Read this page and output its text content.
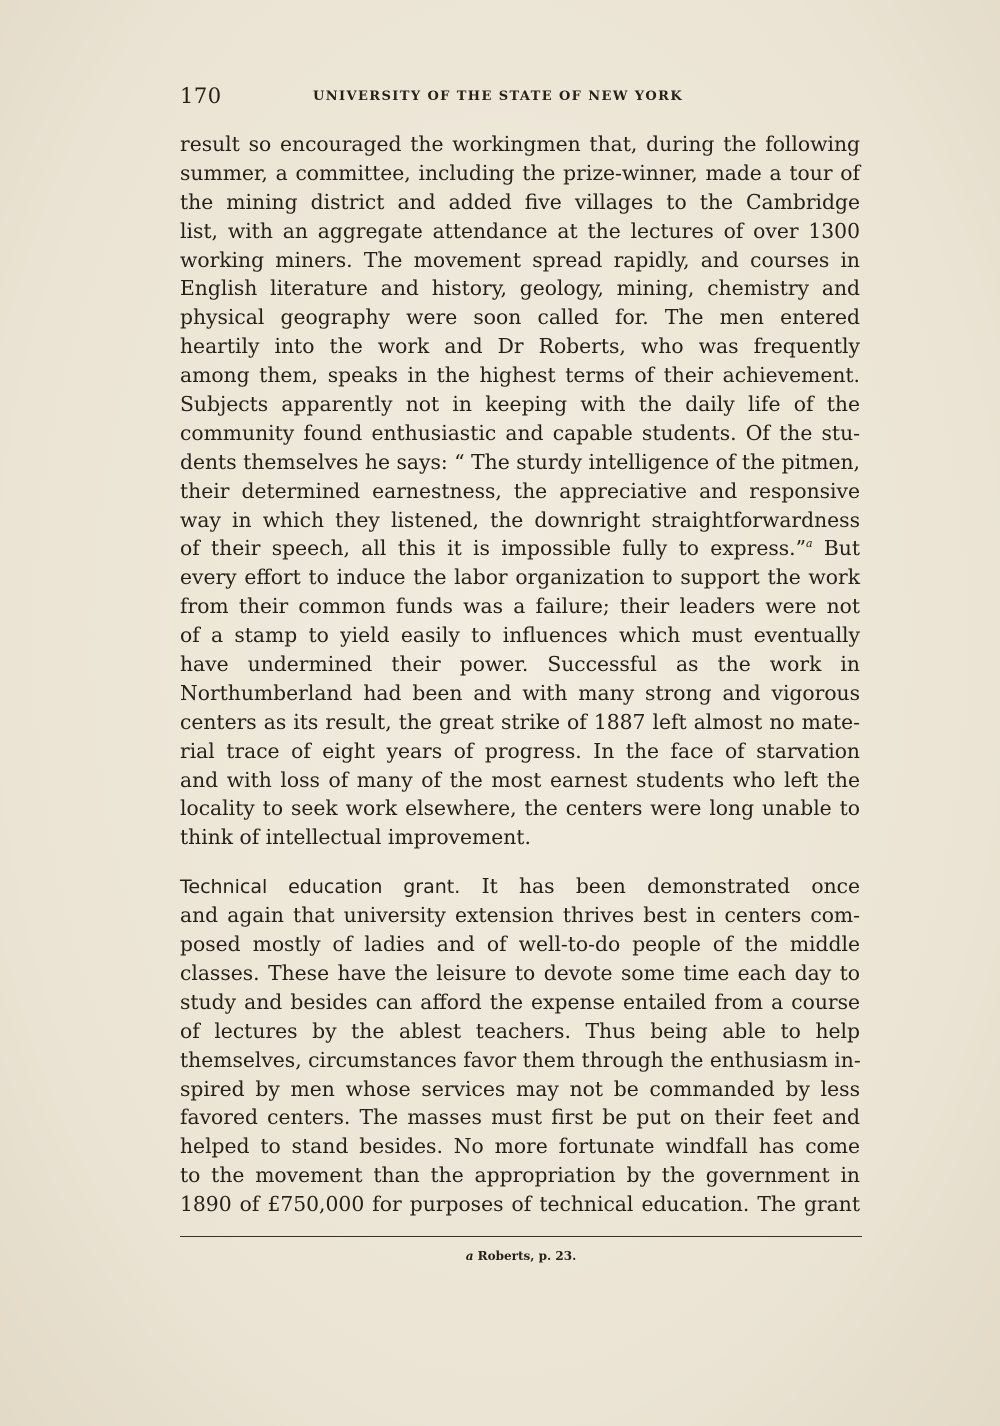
170	UNIVERSITY OF THE STATE OF NEW YORK
result so encouraged the workingmen that, during the following
summer, a committee, including the prize-winner, made a tour of
the mining district and added five villages to the Cambridge
list, with an aggregate attendance at the lectures of over 1300
working miners. The movement spread rapidly, and courses in
English literature and history, geology, mining, chemistry and
physical geography were soon called for. The men entered
heartily into the work and Dr Roberts, who was frequently
among them, speaks in the highest terms of their achievement.
Subjects apparently not in keeping with the daily life of the
community found enthusiastic and capable students. Of the stu-
dents themselves he says: “ The sturdy intelligence of the pitmen,
their determined earnestness, the appreciative and responsive
way in which they listened, the downright straightforwardness
of their speech, all this it is impossible fully to express.”$^a$ But
every effort to induce the labor organization to support the work
from their common funds was a failure; their leaders were not
of a stamp to yield easily to influences which must eventually
have undermined their power. Successful as the work in
Northumberland had been and with many strong and vigorous
centers as its result, the great strike of 1887 left almost no mate-
rial trace of eight years of progress. In the face of starvation
and with loss of many of the most earnest students who left the
locality to seek work elsewhere, the centers were long unable to
think of intellectual improvement.
Technical education grant. It has been demonstrated once
and again that university extension thrives best in centers com-
posed mostly of ladies and of well-to-do people of the middle
classes. These have the leisure to devote some time each day to
study and besides can afford the expense entailed from a course
of lectures by the ablest teachers. Thus being able to help
themselves, circumstances favor them through the enthusiasm in-
spired by men whose services may not be commanded by less
favored centers. The masses must first be put on their feet and
helped to stand besides. No more fortunate windfall has come
to the movement than the appropriation by the government in
1890 of £750,000 for purposes of technical education. The grant
a Roberts, p. 23.
